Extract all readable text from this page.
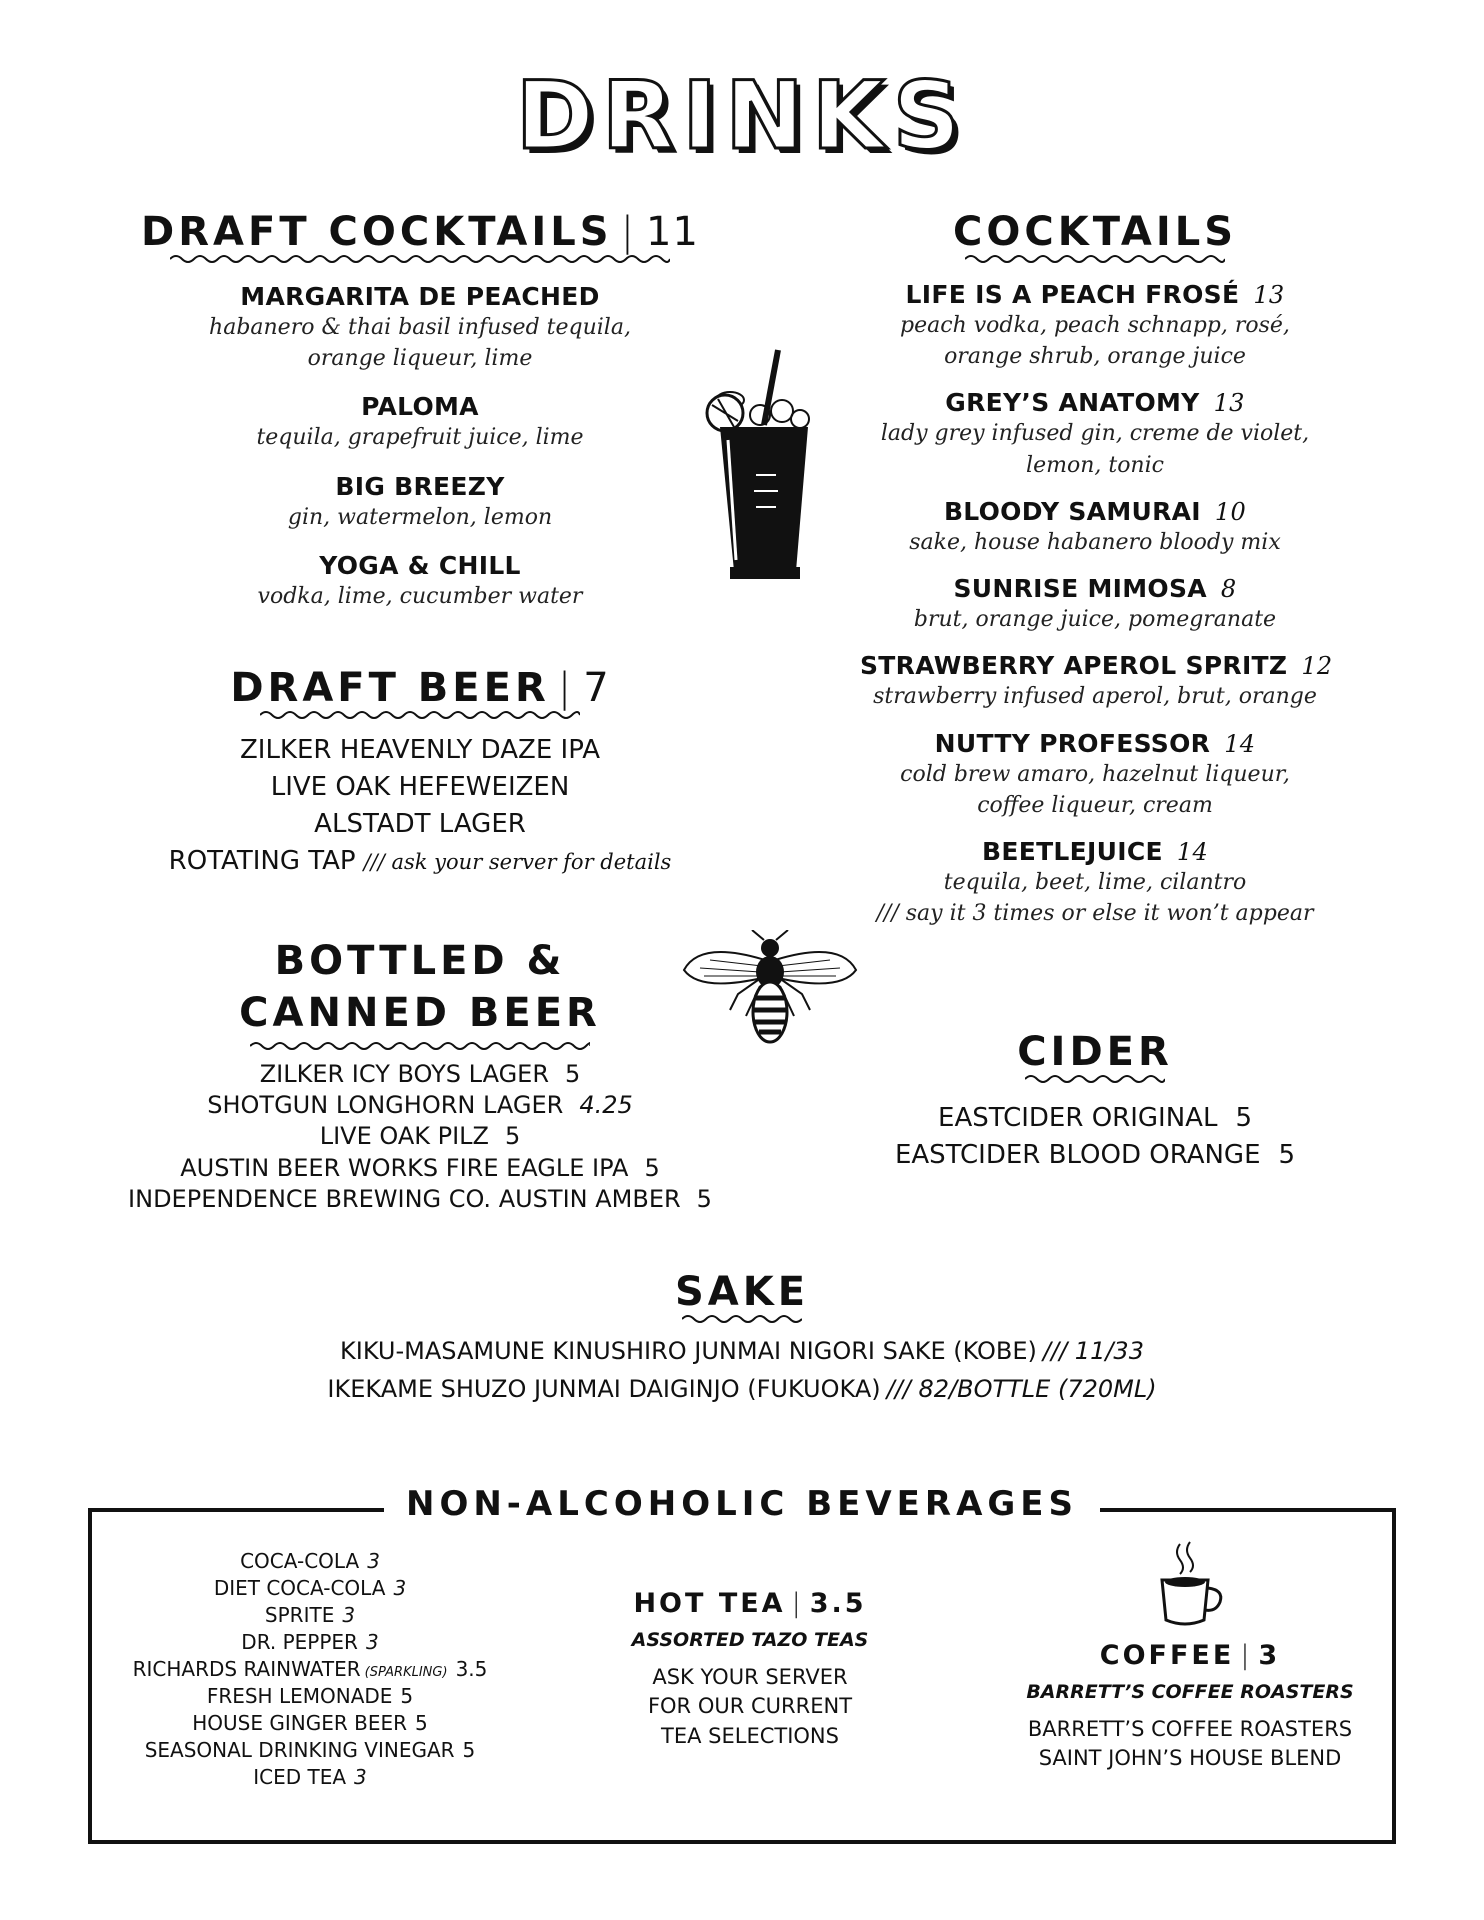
DRINKS
DRAFT COCKTAILS | 11
MARGARITA DE PEACHED
habanero & thai basil infused tequila,
orange liqueur, lime
PALOMA
tequila, grapefruit juice, lime
BIG BREEZY
gin, watermelon, lemon
YOGA & CHILL
vodka, lime, cucumber water
DRAFT BEER | 7
ZILKER HEAVENLY DAZE IPA
LIVE OAK HEFEWEIZEN
ALSTADT LAGER
ROTATING TAP /// ask your server for details
BOTTLED &
CANNED BEER
ZILKER ICY BOYS LAGER 5
SHOTGUN LONGHORN LAGER 4.25
LIVE OAK PILZ 5
AUSTIN BEER WORKS FIRE EAGLE IPA 5
INDEPENDENCE BREWING CO. AUSTIN AMBER 5
COCKTAILS
LIFE IS A PEACH FROSÉ 13
peach vodka, peach schnapp, rosé,
orange shrub, orange juice
GREY’S ANATOMY 13
lady grey infused gin, creme de violet,
lemon, tonic
BLOODY SAMURAI 10
sake, house habanero bloody mix
SUNRISE MIMOSA 8
brut, orange juice, pomegranate
STRAWBERRY APEROL SPRITZ 12
strawberry infused aperol, brut, orange
NUTTY PROFESSOR 14
cold brew amaro, hazelnut liqueur,
coffee liqueur, cream
BEETLEJUICE 14
tequila, beet, lime, cilantro
/// say it 3 times or else it won’t appear
CIDER
EASTCIDER ORIGINAL 5
EASTCIDER BLOOD ORANGE 5
SAKE
KIKU-MASAMUNE KINUSHIRO JUNMAI NIGORI SAKE (KOBE) /// 11/33
IKEKAME SHUZO JUNMAI DAIGINJO (FUKUOKA) /// 82/BOTTLE (720ML)
NON-ALCOHOLIC BEVERAGES
COCA-COLA 3
DIET COCA-COLA 3
SPRITE 3
DR. PEPPER 3
RICHARDS RAINWATER (SPARKLING) 3.5
FRESH LEMONADE 5
HOUSE GINGER BEER 5
SEASONAL DRINKING VINEGAR 5
ICED TEA 3
HOT TEA | 3.5
ASSORTED TAZO TEAS
ASK YOUR SERVER
FOR OUR CURRENT
TEA SELECTIONS
COFFEE | 3
BARRETT’S COFFEE ROASTERS
BARRETT’S COFFEE ROASTERS
SAINT JOHN’S HOUSE BLEND
